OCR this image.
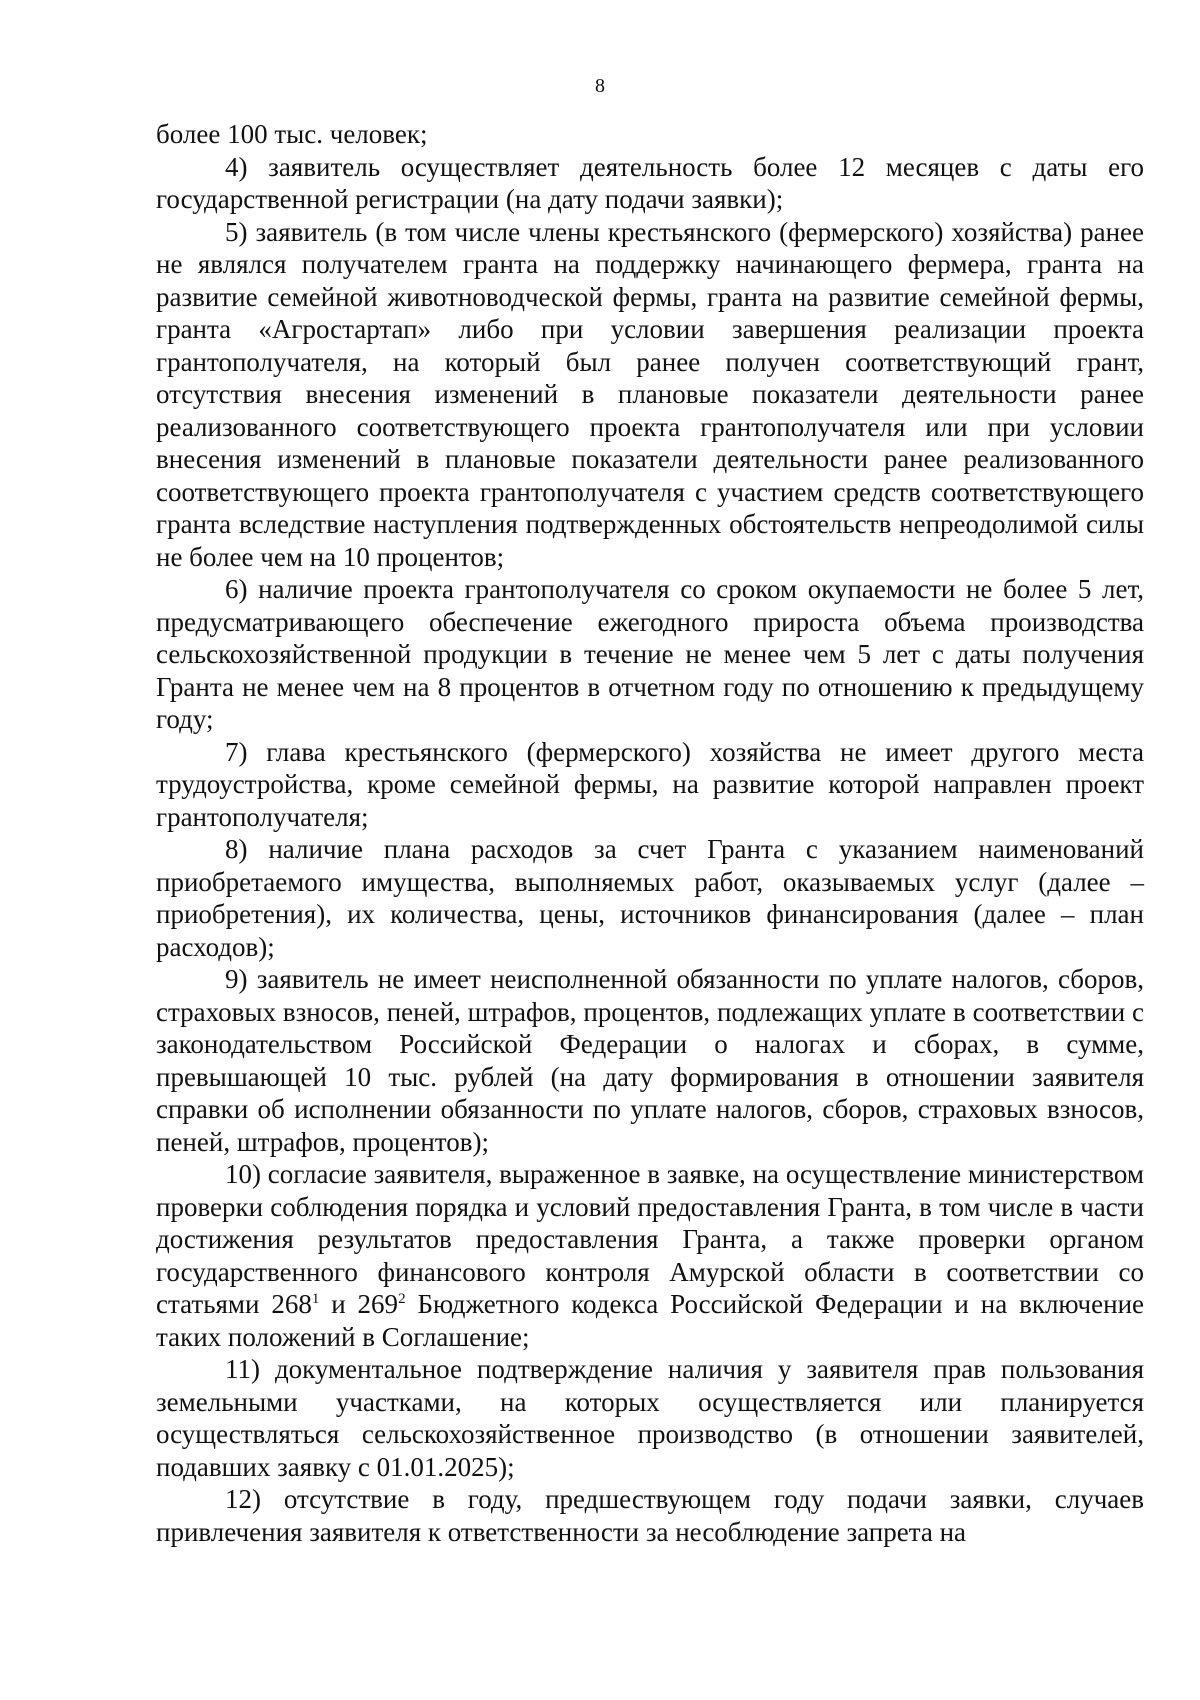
8

более 100 тыс. человек;

4) заявитель осуществляет деятельность более 12 месяцев с даты его государственной регистрации (на дату подачи заявки);

5) заявитель (в том числе члены крестьянского (фермерского) хозяйства) ранее не являлся получателем гранта на поддержку начинающего фермера, гранта на развитие семейной животноводческой фермы, гранта на развитие семейной фермы, гранта «Агростартап» либо при условии завершения реализации проекта грантополучателя, на который был ранее получен соответствующий грант, отсутствия внесения изменений в плановые показатели деятельности ранее реализованного соответствующего проекта грантополучателя или при условии внесения изменений в плановые показатели деятельности ранее реализованного соответствующего проекта грантополучателя с участием средств соответствующего гранта вследствие наступления подтвержденных обстоятельств непреодолимой силы не более чем на 10 процентов;

6) наличие проекта грантополучателя со сроком окупаемости не более 5 лет, предусматривающего обеспечение ежегодного прироста объема производства сельскохозяйственной продукции в течение не менее чем 5 лет с даты получения Гранта не менее чем на 8 процентов в отчетном году по отношению к предыдущему году;

7) глава крестьянского (фермерского) хозяйства не имеет другого места трудоустройства, кроме семейной фермы, на развитие которой направлен проект грантополучателя;

8) наличие плана расходов за счет Гранта с указанием наименований приобретаемого имущества, выполняемых работ, оказываемых услуг (далее – приобретения), их количества, цены, источников финансирования (далее – план расходов);

9) заявитель не имеет неисполненной обязанности по уплате налогов, сборов, страховых взносов, пеней, штрафов, процентов, подлежащих уплате в соответствии с законодательством Российской Федерации о налогах и сборах, в сумме, превышающей 10 тыс. рублей (на дату формирования в отношении заявителя справки об исполнении обязанности по уплате налогов, сборов, страховых взносов, пеней, штрафов, процентов);

10) согласие заявителя, выраженное в заявке, на осуществление министерством проверки соблюдения порядка и условий предоставления Гранта, в том числе в части достижения результатов предоставления Гранта, а также проверки органом государственного финансового контроля Амурской области в соответствии со статьями $268^1$ и $269^2$ Бюджетного кодекса Российской Федерации и на включение таких положений в Соглашение;

11) документальное подтверждение наличия у заявителя прав пользования земельными участками, на которых осуществляется или планируется осуществляться сельскохозяйственное производство (в отношении заявителей, подавших заявку с 01.01.2025);

12) отсутствие в году, предшествующем году подачи заявки, случаев привлечения заявителя к ответственности за несоблюдение запрета на
